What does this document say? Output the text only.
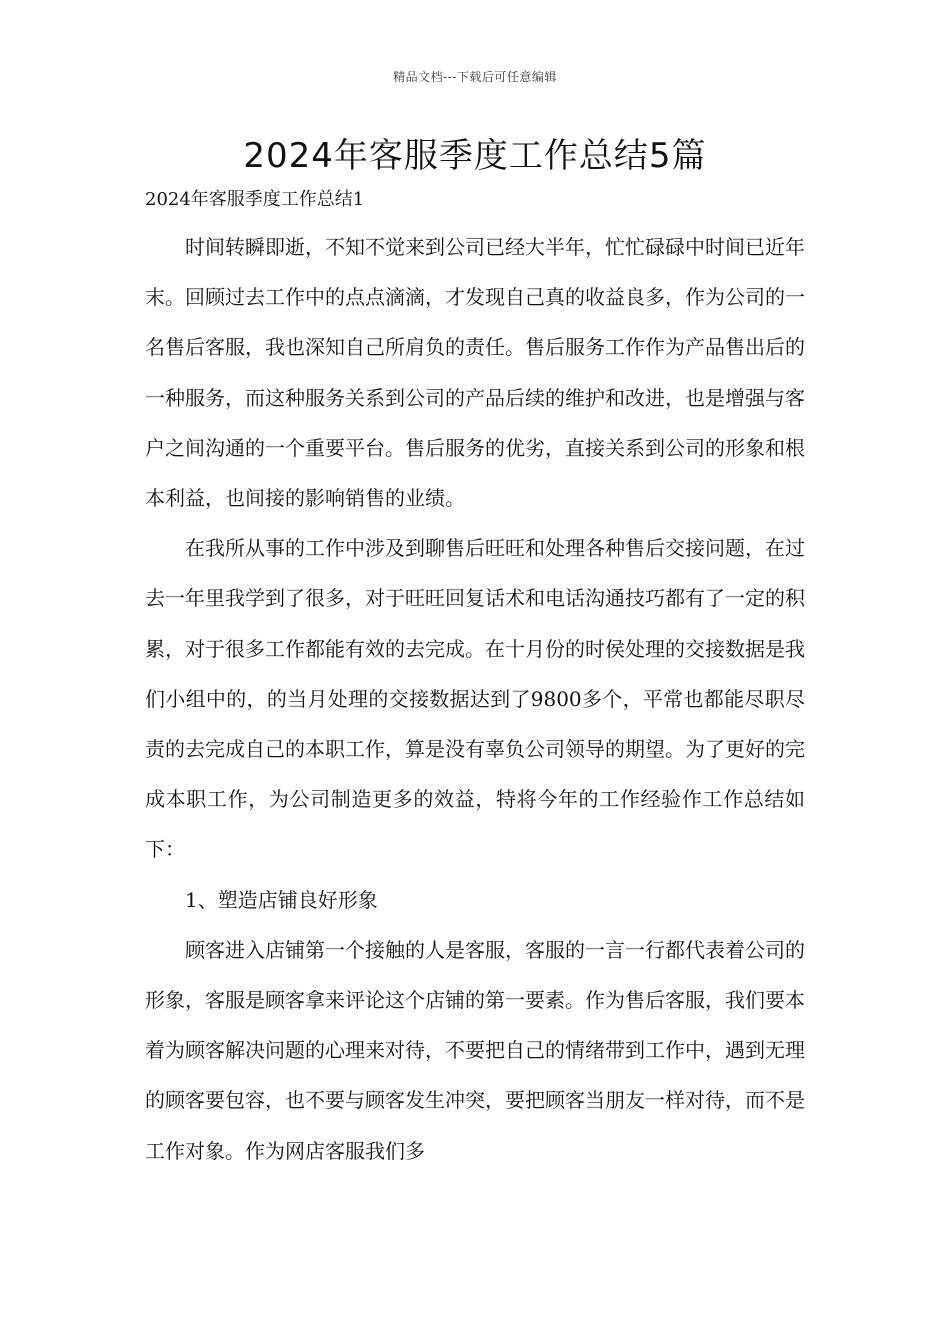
精品文档---下载后可任意编辑
2024年客服季度工作总结5篇

2024年客服季度工作总结1

时间转瞬即逝，不知不觉来到公司已经大半年，忙忙碌碌中时间已近年末。回顾过去工作中的点点滴滴，才发现自己真的收益良多，作为公司的一名售后客服，我也深知自己所肩负的责任。售后服务工作作为产品售出后的一种服务，而这种服务关系到公司的产品后续的维护和改进，也是增强与客户之间沟通的一个重要平台。售后服务的优劣，直接关系到公司的形象和根本利益，也间接的影响销售的业绩。

在我所从事的工作中涉及到聊售后旺旺和处理各种售后交接问题，在过去一年里我学到了很多，对于旺旺回复话术和电话沟通技巧都有了一定的积累，对于很多工作都能有效的去完成。在十月份的时侯处理的交接数据是我们小组中的，的当月处理的交接数据达到了9800多个，平常也都能尽职尽责的去完成自己的本职工作，算是没有辜负公司领导的期望。为了更好的完成本职工作，为公司制造更多的效益，特将今年的工作经验作工作总结如下：

1、塑造店铺良好形象

顾客进入店铺第一个接触的人是客服，客服的一言一行都代表着公司的形象，客服是顾客拿来评论这个店铺的第一要素。作为售后客服，我们要本着为顾客解决问题的心理来对待，不要把自己的情绪带到工作中，遇到无理的顾客要包容，也不要与顾客发生冲突，要把顾客当朋友一样对待，而不是工作对象。作为网店客服我们多
